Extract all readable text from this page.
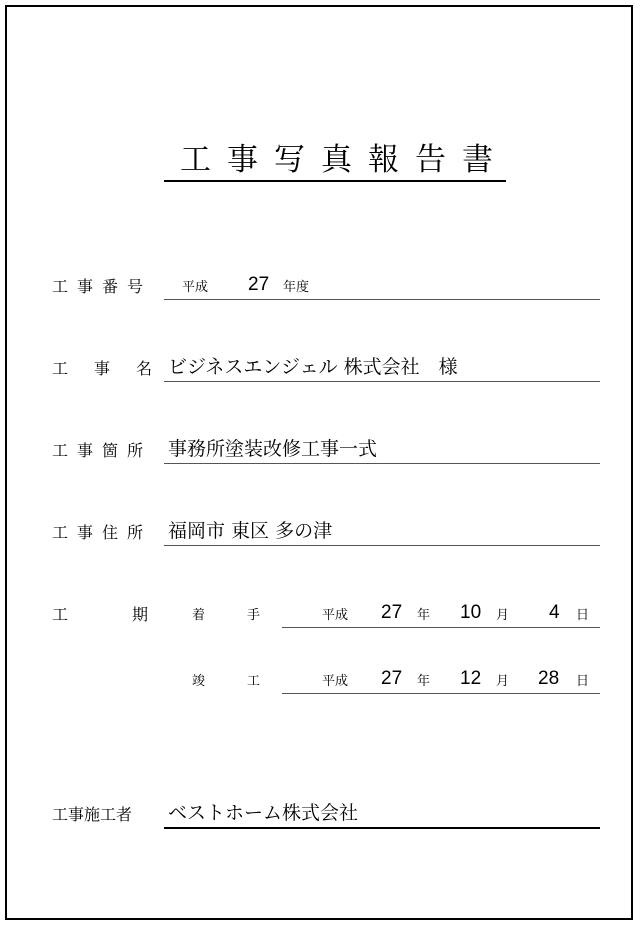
工事写真報告書
工事番号 平成 27 年度
工事名
ビジネスエンジェル 株式会社　様
工事箇所 事務所塗装改修工事一式
工事住所 福岡市 東区 多の津
工期
着手 平成 27 年 10 月 4 日
竣工 平成 27 年 12 月 28 日
工事施工者 ベストホーム株式会社
